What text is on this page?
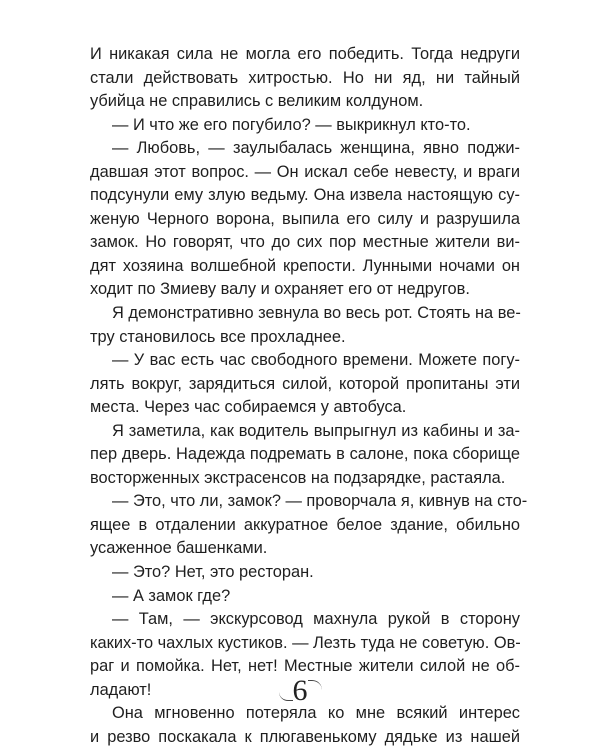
И никакая сила не могла его победить. Тогда недруги
стали действовать хитростью. Но ни яд, ни тайный
убийца не справились с великим колдуном.
— И что же его погубило? — выкрикнул кто-то.
— Любовь, — заулыбалась женщина, явно поджи-
давшая этот вопрос. — Он искал себе невесту, и враги
подсунули ему злую ведьму. Она извела настоящую су-
женую Черного ворона, выпила его силу и разрушила
замок. Но говорят, что до сих пор местные жители ви-
дят хозяина волшебной крепости. Лунными ночами он
ходит по Змиеву валу и охраняет его от недругов.
Я демонстративно зевнула во весь рот. Стоять на ве-
тру становилось все прохладнее.
— У вас есть час свободного времени. Можете погу-
лять вокруг, зарядиться силой, которой пропитаны эти
места. Через час собираемся у автобуса.
Я заметила, как водитель выпрыгнул из кабины и за-
пер дверь. Надежда подремать в салоне, пока сборище
восторженных экстрасенсов на подзарядке, растаяла.
— Это, что ли, замок? — проворчала я, кивнув на сто-
ящее в отдалении аккуратное белое здание, обильно
усаженное башенками.
— Это? Нет, это ресторан.
— А замок где?
— Там, — экскурсовод махнула рукой в сторону
каких-то чахлых кустиков. — Лезть туда не советую. Ов-
раг и помойка. Нет, нет! Местные жители силой не об-
ладают!
Она мгновенно потеряла ко мне всякий интерес
и резво поскакала к плюгавенькому дядьке из нашей
6
